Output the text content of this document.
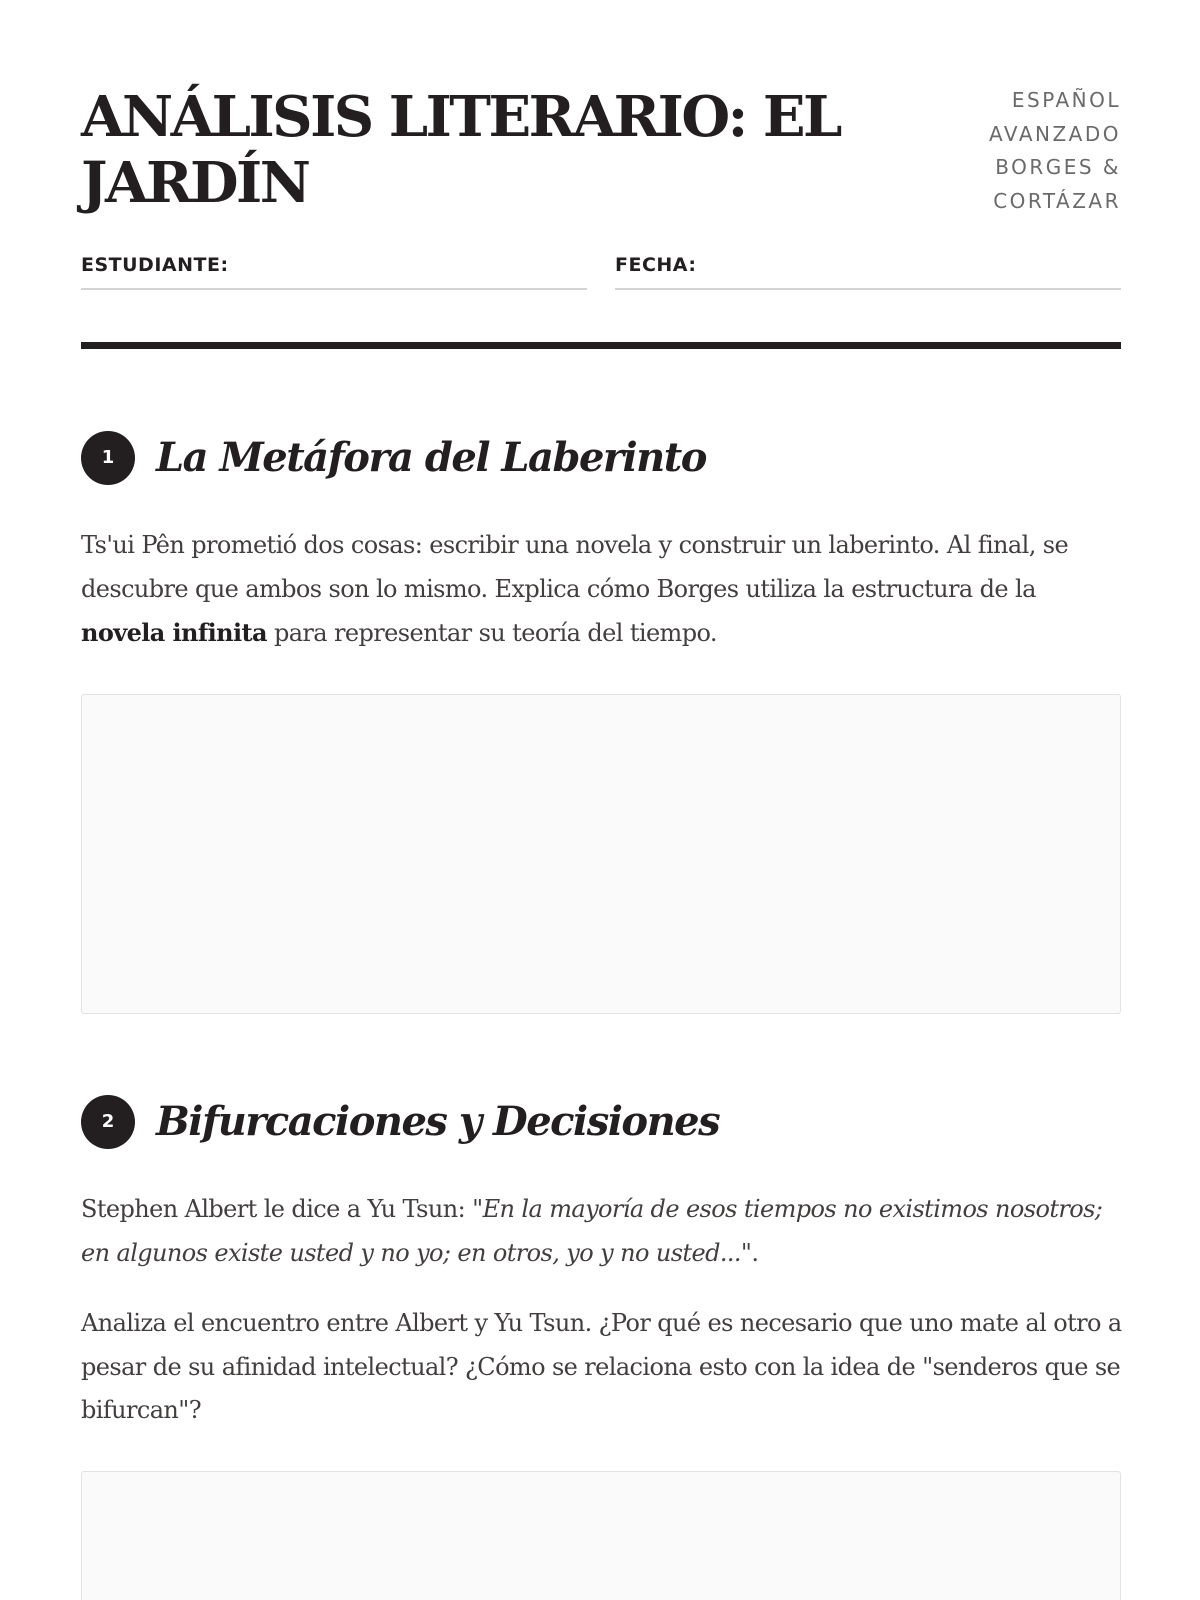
ANÁLISIS LITERARIO: EL JARDÍN
ESPAÑOL
AVANZADO
BORGES &
CORTÁZAR
ESTUDIANTE:	FECHA:
1	La Metáfora del Laberinto

Ts'ui Pên prometió dos cosas: escribir una novela y construir un laberinto. Al final, se descubre que ambos son lo mismo. Explica cómo Borges utiliza la estructura de la novela infinita para representar su teoría del tiempo.

2	Bifurcaciones y Decisiones

Stephen Albert le dice a Yu Tsun: "En la mayoría de esos tiempos no existimos nosotros; en algunos existe usted y no yo; en otros, yo y no usted...".

Analiza el encuentro entre Albert y Yu Tsun. ¿Por qué es necesario que uno mate al otro a pesar de su afinidad intelectual? ¿Cómo se relaciona esto con la idea de "senderos que se bifurcan"?
